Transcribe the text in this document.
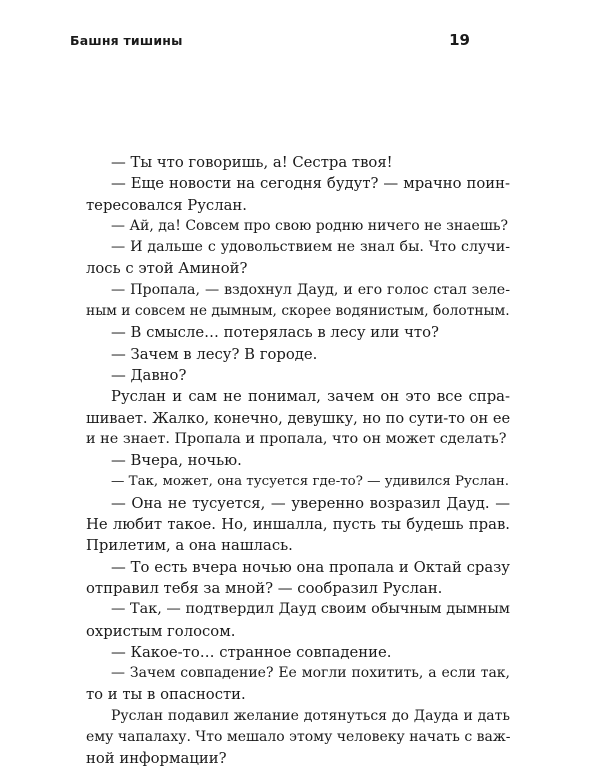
Башня тишины	19
— Ты что говоришь, а! Сестра твоя!
— Еще новости на сегодня будут? — мрачно поин-
тересовался Руслан.
— Ай, да! Совсем про свою родню ничего не знаешь?
— И дальше с удовольствием не знал бы. Что случи-
лось с этой Аминой?
— Пропала, — вздохнул Дауд, и его голос стал зеле-
ным и совсем не дымным, скорее водянистым, болотным.
— В смысле… потерялась в лесу или что?
— Зачем в лесу? В городе.
— Давно?
Руслан и сам не понимал, зачем он это все спра-
шивает. Жалко, конечно, девушку, но по сути-то он ее
и не знает. Пропала и пропала, что он может сделать?
— Вчера, ночью.
— Так, может, она тусуется где-то? — удивился Руслан.
— Она не тусуется, — уверенно возразил Дауд. —
Не любит такое. Но, иншалла, пусть ты будешь прав.
Прилетим, а она нашлась.
— То есть вчера ночью она пропала и Октай сразу
отправил тебя за мной? — сообразил Руслан.
— Так, — подтвердил Дауд своим обычным дымным
охристым голосом.
— Какое-то… странное совпадение.
— Зачем совпадение? Ее могли похитить, а если так,
то и ты в опасности.
Руслан подавил желание дотянуться до Дауда и дать
ему чапалаху. Что мешало этому человеку начать с важ-
ной информации?
